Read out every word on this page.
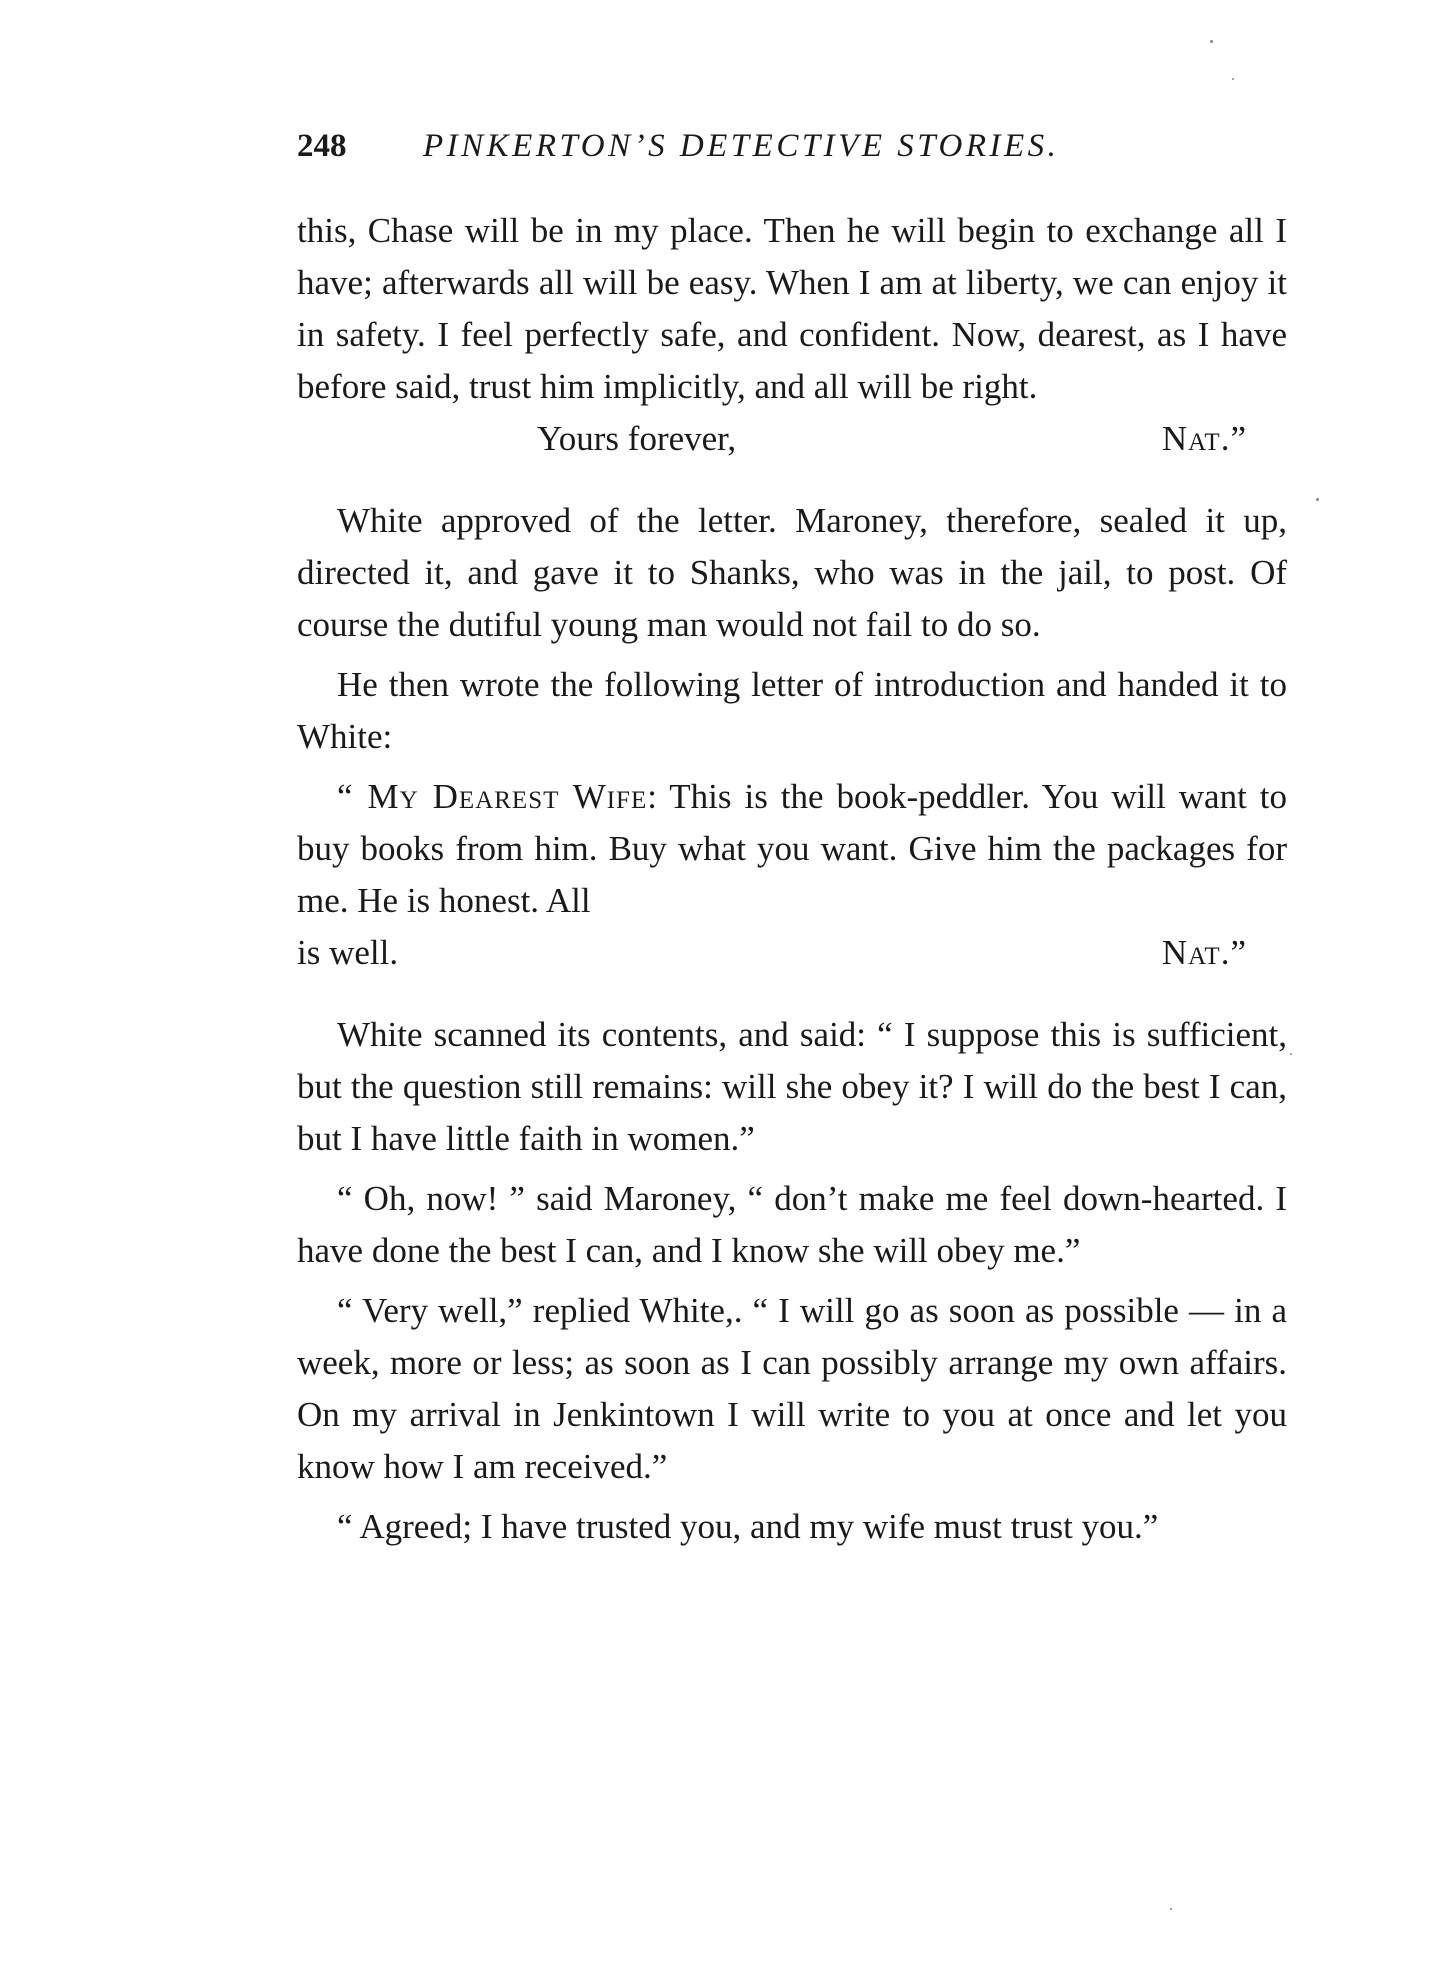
248 PINKERTON’S DETECTIVE STORIES.

this, Chase will be in my place. Then he will begin to exchange all I have; afterwards all will be easy. When I am at liberty, we can enjoy it in safety. I feel perfectly safe, and confident. Now, dearest, as I have before said, trust him implicitly, and all will be right.

Yours forever,	Nat.”

White approved of the letter. Maroney, therefore, sealed it up, directed it, and gave it to Shanks, who was in the jail, to post. Of course the dutiful young man would not fail to do so.

He then wrote the following letter of introduction and handed it to White:

“ My Dearest Wife: This is the book-peddler. You will want to buy books from him. Buy what you want. Give him the packages for me. He is honest. All

is well.	Nat.”

White scanned its contents, and said: “ I suppose this is sufficient, but the question still remains: will she obey it? I will do the best I can, but I have little faith in women.”

“ Oh, now! ” said Maroney, “ don’t make me feel down-hearted. I have done the best I can, and I know she will obey me.”

“ Very well,” replied White,. “ I will go as soon as possible — in a week, more or less; as soon as I can possibly arrange my own affairs. On my arrival in Jenkintown I will write to you at once and let you know how I am received.”

“ Agreed; I have trusted you, and my wife must trust you.”
